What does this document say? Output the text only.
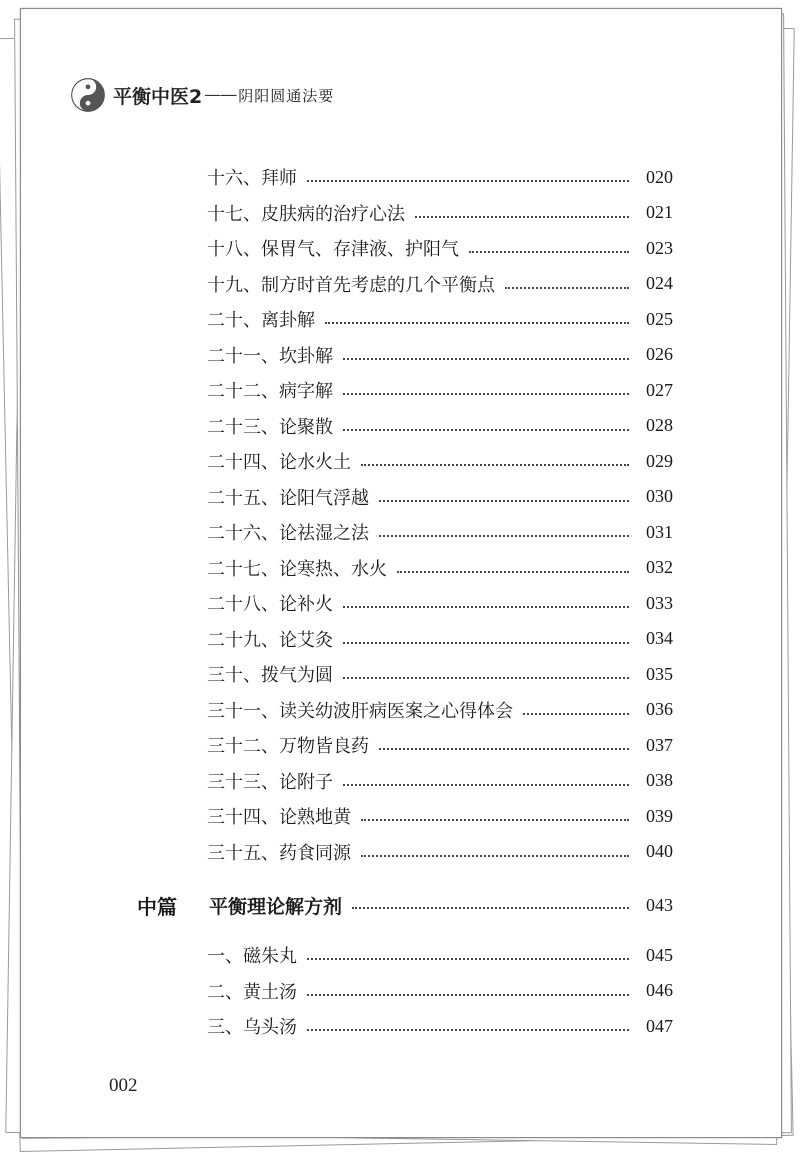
平衡中医2 —— 阴阳圆通法要
十六、拜师	020
十七、皮肤病的治疗心法	021
十八、保胃气、存津液、护阳气	023
十九、制方时首先考虑的几个平衡点	024
二十、离卦解	025
二十一、坎卦解	026
二十二、病字解	027
二十三、论聚散	028
二十四、论水火土	029
二十五、论阳气浮越	030
二十六、论祛湿之法	031
二十七、论寒热、水火	032
二十八、论补火	033
二十九、论艾灸	034
三十、拨气为圆	035
三十一、读关幼波肝病医案之心得体会	036
三十二、万物皆良药	037
三十三、论附子	038
三十四、论熟地黄	039
三十五、药食同源	040
中篇	平衡理论解方剂	043
一、磁朱丸	045
二、黄土汤	046
三、乌头汤	047
002
